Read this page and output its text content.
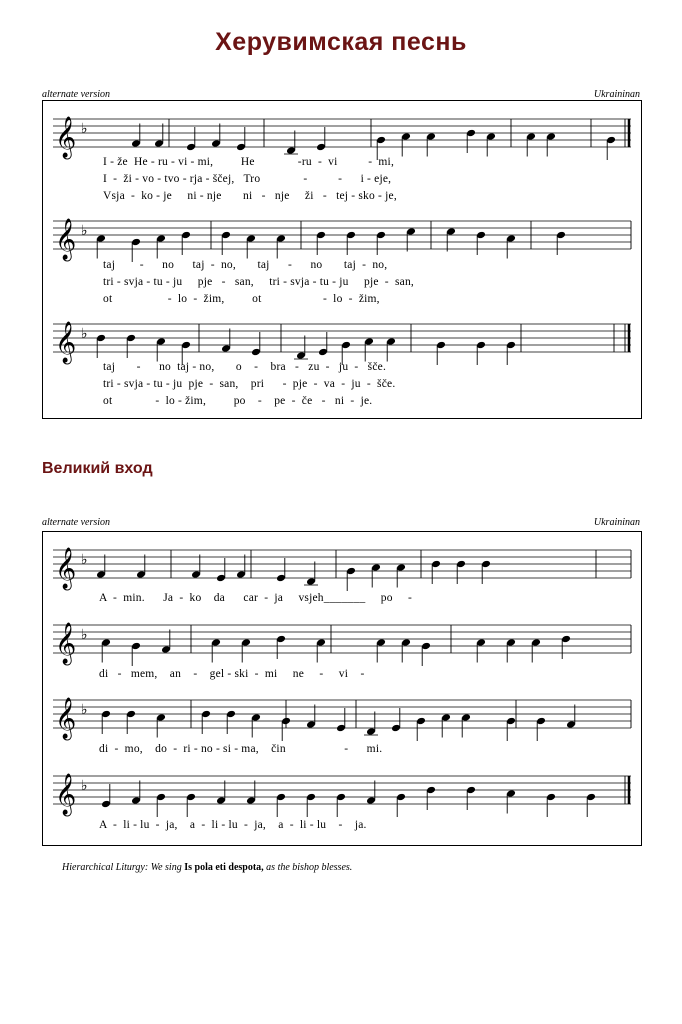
Херувимская песнь
alternate version	Ukraininan
𝄞 ♭
I - že  He - ru - vi - mi,         He              -ru  -  vi          -  mi,
I  -  ži - vo - tvo - rja - ščej,   Tro              -          -      i - eje,
Vsja  -  ko - je     ni - nje       ni   -   nje     ži   -   tej - sko - je,
𝄞 ♭
taj        -      no      taj  -  no,       taj      -      no       taj  -  no,
tri - svja - tu - ju     pje   -   san,     tri - svja - tu - ju     pje  -  san,
ot                  -  lo  -  žim,         ot                    -  lo  -  žim,
𝄞 ♭
taj       -      no  taj - no,       o    -    bra   -   zu  -   ju  -   šče.
tri - svja - tu - ju  pje  -  san,    pri      -  pje  -  va  -  ju  -  šče.
ot              -  lo - žim,         po    -    pe  -  če   -   ni  -  je.
Великий вход
alternate version	Ukraininan
𝄞 ♭
A  -  min.      Ja  -  ko    da      car  -  ja     vsjeh_______     po     -
𝄞 ♭
di   -   mem,    an    -    gel - ski  -  mi     ne     -     vi    -
𝄞 ♭
di  -  mo,    do  -  ri - no - si - ma,    čin                   -      mi.
𝄞 ♭
A  -  li - lu  -  ja,    a  -  li - lu  -  ja,    a  -  li - lu    -    ja.
Hierarchical Liturgy: We sing Is pola eti despota, as the bishop blesses.
